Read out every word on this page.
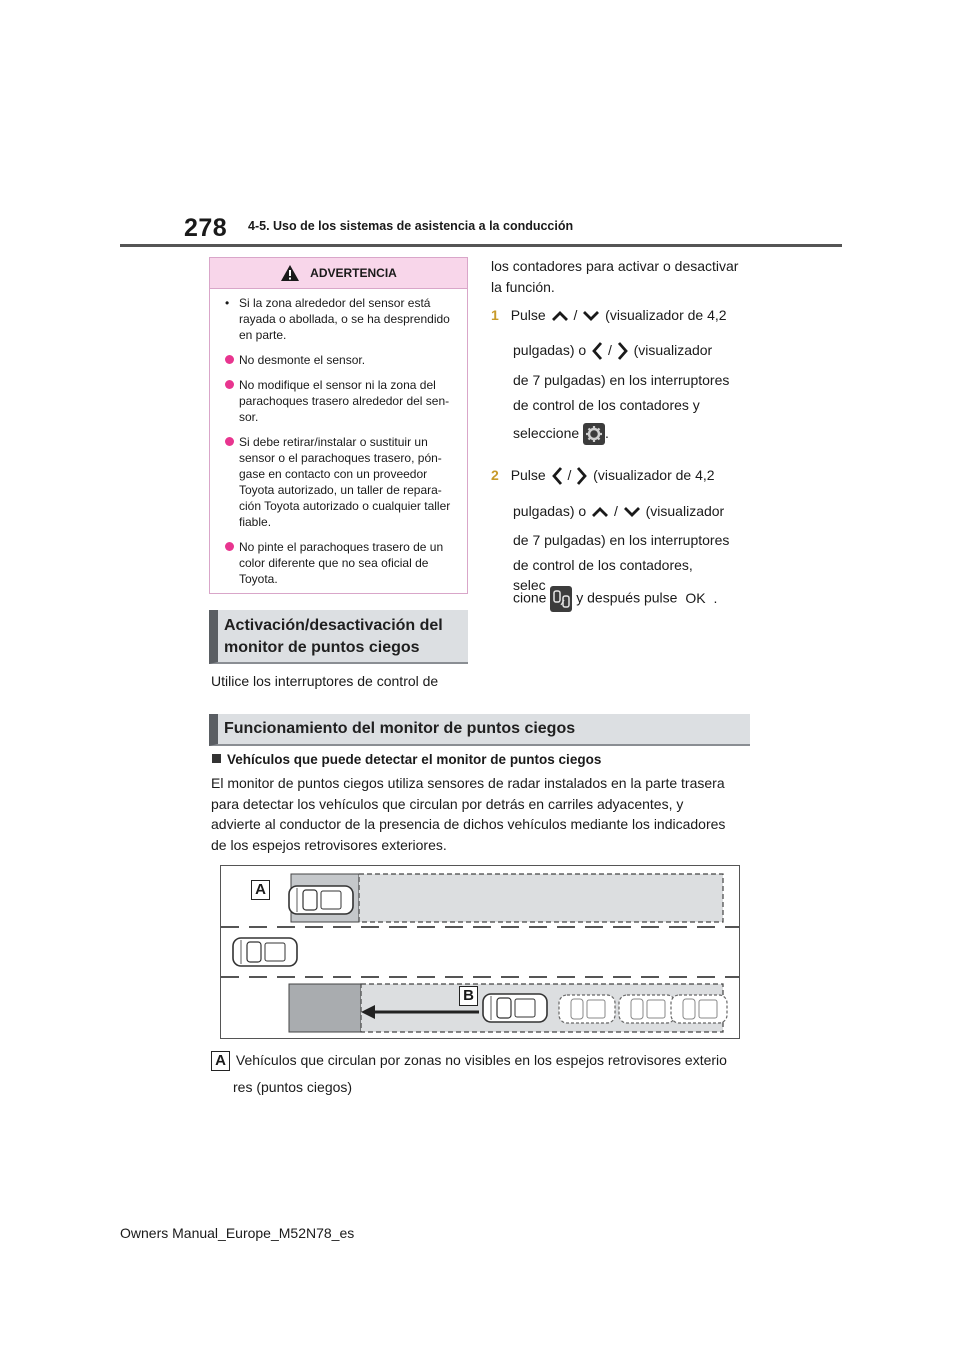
278 4-5. Uso de los sistemas de asistencia a la conducción
ADVERTENCIA
• Si la zona alrededor del sensor está rayada o abollada, o se ha desprendido en parte.
No desmonte el sensor.
No modifique el sensor ni la zona del parachoques trasero alrededor del sensor.
Si debe retirar/instalar o sustituir un sensor o el parachoques trasero, póngase en contacto con un proveedor Toyota autorizado, un taller de reparación Toyota autorizado o cualquier taller fiable.
No pinte el parachoques trasero de un color diferente que no sea oficial de Toyota.
Activación/desactivación del monitor de puntos ciegos
Utilice los interruptores de control de
los contadores para activar o desactivar la función.
1 Pulse / (visualizador de 4,2
pulgadas) o / (visualizador
de 7 pulgadas) en los interruptores
de control de los contadores y
seleccione .
2 Pulse / (visualizador de 4,2
pulgadas) o / (visualizador
de 7 pulgadas) en los interruptores
de control de los contadores, selec
cione y después pulse OK .
Funcionamiento del monitor de puntos ciegos
Vehículos que puede detectar el monitor de puntos ciegos
El monitor de puntos ciegos utiliza sensores de radar instalados en la parte trasera
para detectar los vehículos que circulan por detrás en carriles adyacentes, y
advierte al conductor de la presencia de dichos vehículos mediante los indicadores
de los espejos retrovisores exteriores.
A
B
A Vehículos que circulan por zonas no visibles en los espejos retrovisores exterio
res (puntos ciegos)
Owners Manual_Europe_M52N78_es
